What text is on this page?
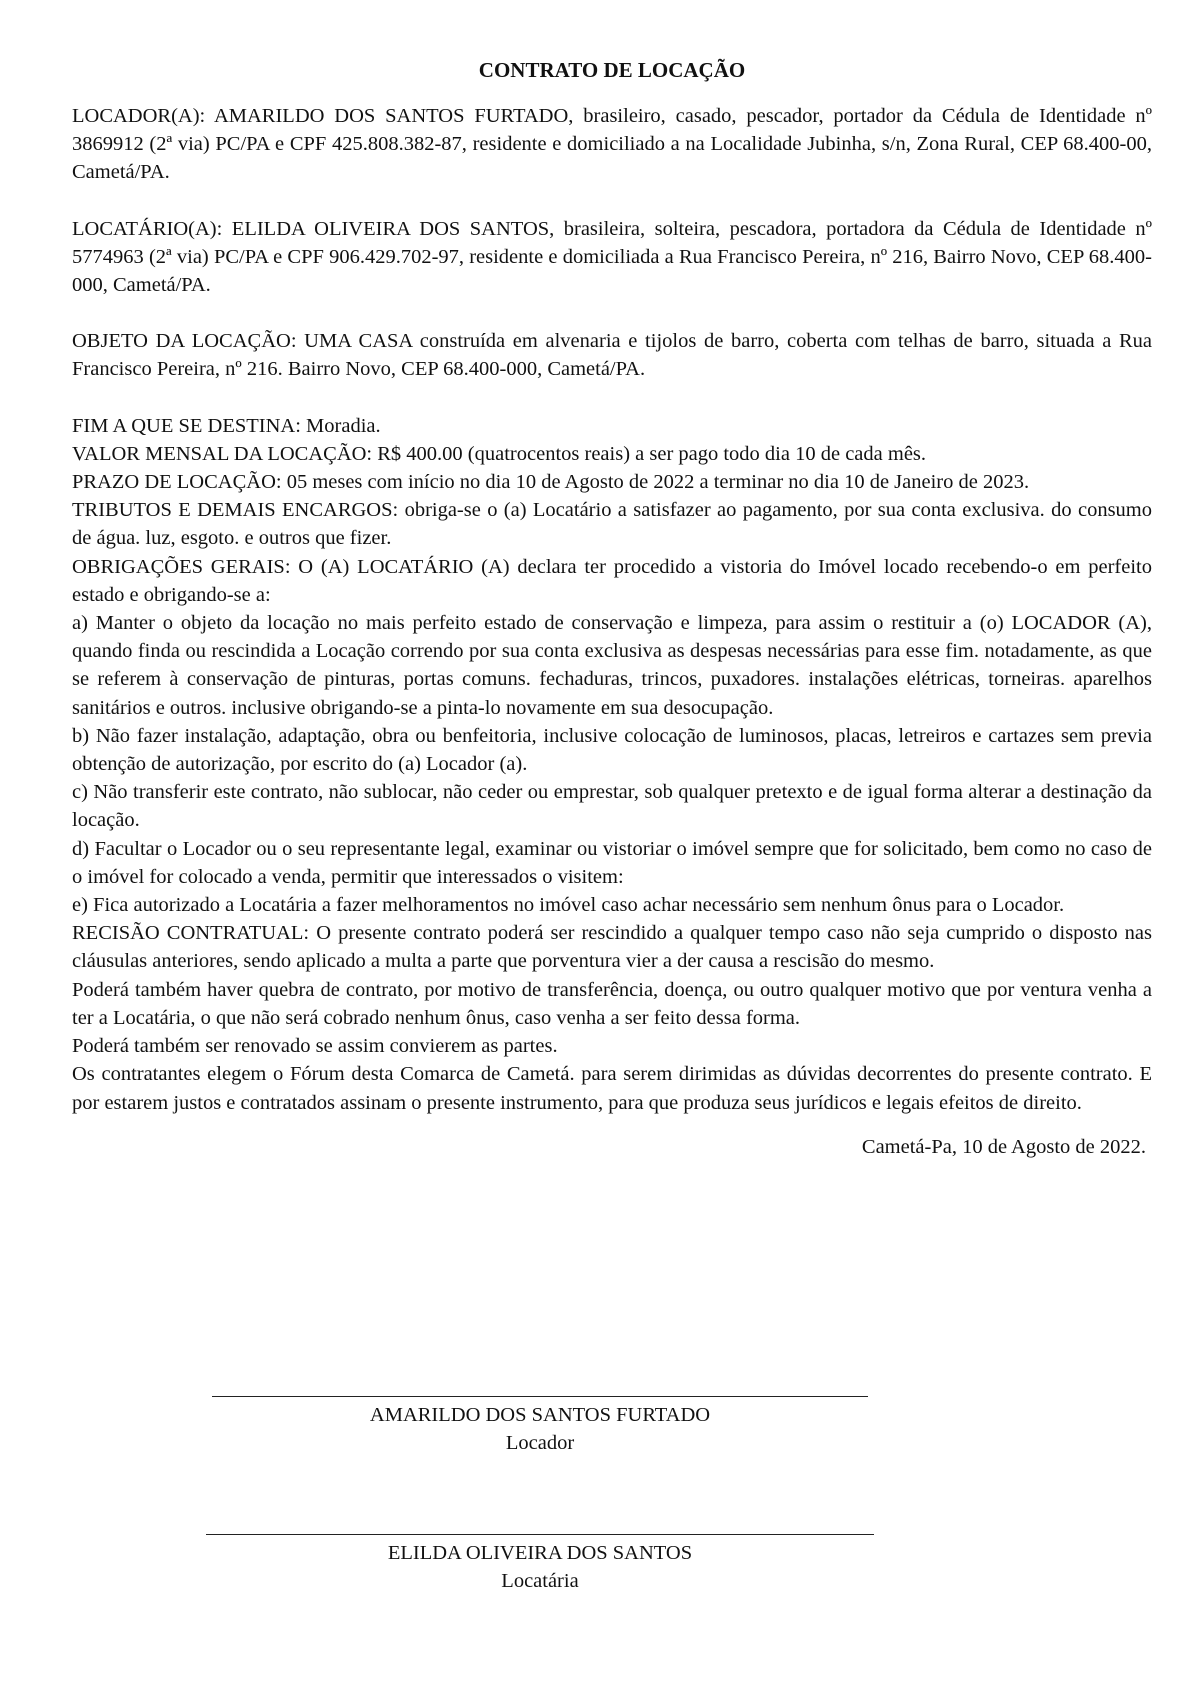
CONTRATO DE LOCAÇÃO

LOCADOR(A): AMARILDO DOS SANTOS FURTADO, brasileiro, casado, pescador, portador da Cédula de Identidade nº 3869912 (2ª via) PC/PA e CPF 425.808.382-87, residente e domiciliado a na Localidade Jubinha, s/n, Zona Rural, CEP 68.400-00, Cametá/PA.

LOCATÁRIO(A): ELILDA OLIVEIRA DOS SANTOS, brasileira, solteira, pescadora, portadora da Cédula de Identidade nº 5774963 (2ª via) PC/PA e CPF 906.429.702-97, residente e domiciliada a Rua Francisco Pereira, nº 216, Bairro Novo, CEP 68.400-000, Cametá/PA.

OBJETO DA LOCAÇÃO: UMA CASA construída em alvenaria e tijolos de barro, coberta com telhas de barro, situada a Rua Francisco Pereira, nº 216. Bairro Novo, CEP 68.400-000, Cametá/PA.

FIM A QUE SE DESTINA: Moradia.

VALOR MENSAL DA LOCAÇÃO: R$ 400.00 (quatrocentos reais) a ser pago todo dia 10 de cada mês.

PRAZO DE LOCAÇÃO: 05 meses com início no dia 10 de Agosto de 2022 a terminar no dia 10 de Janeiro de 2023.

TRIBUTOS E DEMAIS ENCARGOS: obriga-se o (a) Locatário a satisfazer ao pagamento, por sua conta exclusiva. do consumo de água. luz, esgoto. e outros que fizer.

OBRIGAÇÕES GERAIS: O (A) LOCATÁRIO (A) declara ter procedido a vistoria do Imóvel locado recebendo-o em perfeito estado e obrigando-se a:

a) Manter o objeto da locação no mais perfeito estado de conservação e limpeza, para assim o restituir a (o) LOCADOR (A), quando finda ou rescindida a Locação correndo por sua conta exclusiva as despesas necessárias para esse fim. notadamente, as que se referem à conservação de pinturas, portas comuns. fechaduras, trincos, puxadores. instalações elétricas, torneiras. aparelhos sanitários e outros. inclusive obrigando-se a pinta-lo novamente em sua desocupação.

b) Não fazer instalação, adaptação, obra ou benfeitoria, inclusive colocação de luminosos, placas, letreiros e cartazes sem previa obtenção de autorização, por escrito do (a) Locador (a).

c) Não transferir este contrato, não sublocar, não ceder ou emprestar, sob qualquer pretexto e de igual forma alterar a destinação da locação.

d) Facultar o Locador ou o seu representante legal, examinar ou vistoriar o imóvel sempre que for solicitado, bem como no caso de o imóvel for colocado a venda, permitir que interessados o visitem:

e) Fica autorizado a Locatária a fazer melhoramentos no imóvel caso achar necessário sem nenhum ônus para o Locador.

RECISÃO CONTRATUAL: O presente contrato poderá ser rescindido a qualquer tempo caso não seja cumprido o disposto nas cláusulas anteriores, sendo aplicado a multa a parte que porventura vier a der causa a rescisão do mesmo.

Poderá também haver quebra de contrato, por motivo de transferência, doença, ou outro qualquer motivo que por ventura venha a ter a Locatária, o que não será cobrado nenhum ônus, caso venha a ser feito dessa forma.

Poderá também ser renovado se assim convierem as partes.

Os contratantes elegem o Fórum desta Comarca de Cametá. para serem dirimidas as dúvidas decorrentes do presente contrato. E por estarem justos e contratados assinam o presente instrumento, para que produza seus jurídicos e legais efeitos de direito.

Cametá-Pa, 10 de Agosto de 2022.
AMARILDO DOS SANTOS FURTADO
Locador
ELILDA OLIVEIRA DOS SANTOS
Locatária
